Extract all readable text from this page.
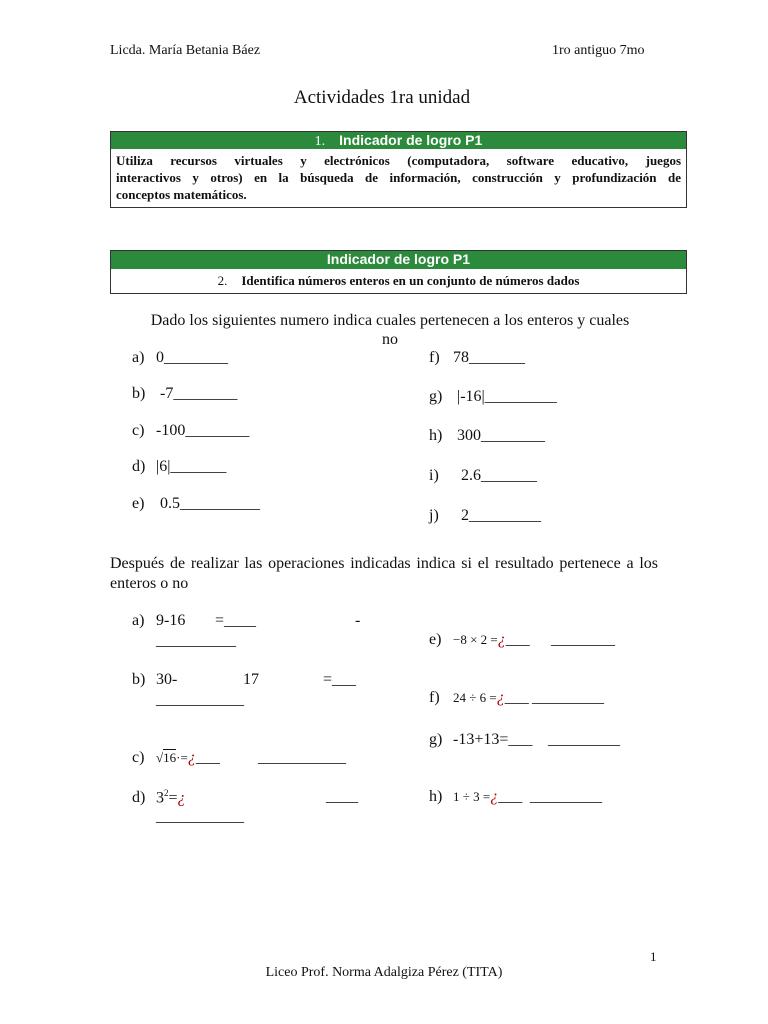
Licda. María Betania Báez	1ro antiguo 7mo
Actividades 1ra unidad
1. Indicador de logro P1
Utiliza recursos virtuales y electrónicos (computadora, software educativo, juegos
interactivos y otros) en la búsqueda de información, construcción y profundización de
conceptos matemáticos.
Indicador de logro P1
2. Identifica números enteros en un conjunto de números dados
Dado los siguientes numero indica cuales pertenecen a los enteros y cuales
no
a) 0________
b) -7________
c) -100________
d) |6|_______
e) 0.5__________
f) 78_______
g) |-16|_________
h) 300________
i)  2.6_______
j)  2_________
Después de realizar las operaciones indicadas indica si el resultado pertenece a los enteros o no
a) 9-16 =____	-
__________
b) 30-	17	=___
___________
c) √16·=¿___ ___________
d) $3^2=¿$	____
___________
e) −8 × 2 =¿___ ________
f) 24 ÷ 6 =¿___ _________
g) -13+13=___ _________
h) 1 ÷ 3 =¿___ _________
1
Liceo Prof. Norma Adalgiza Pérez (TITA)
